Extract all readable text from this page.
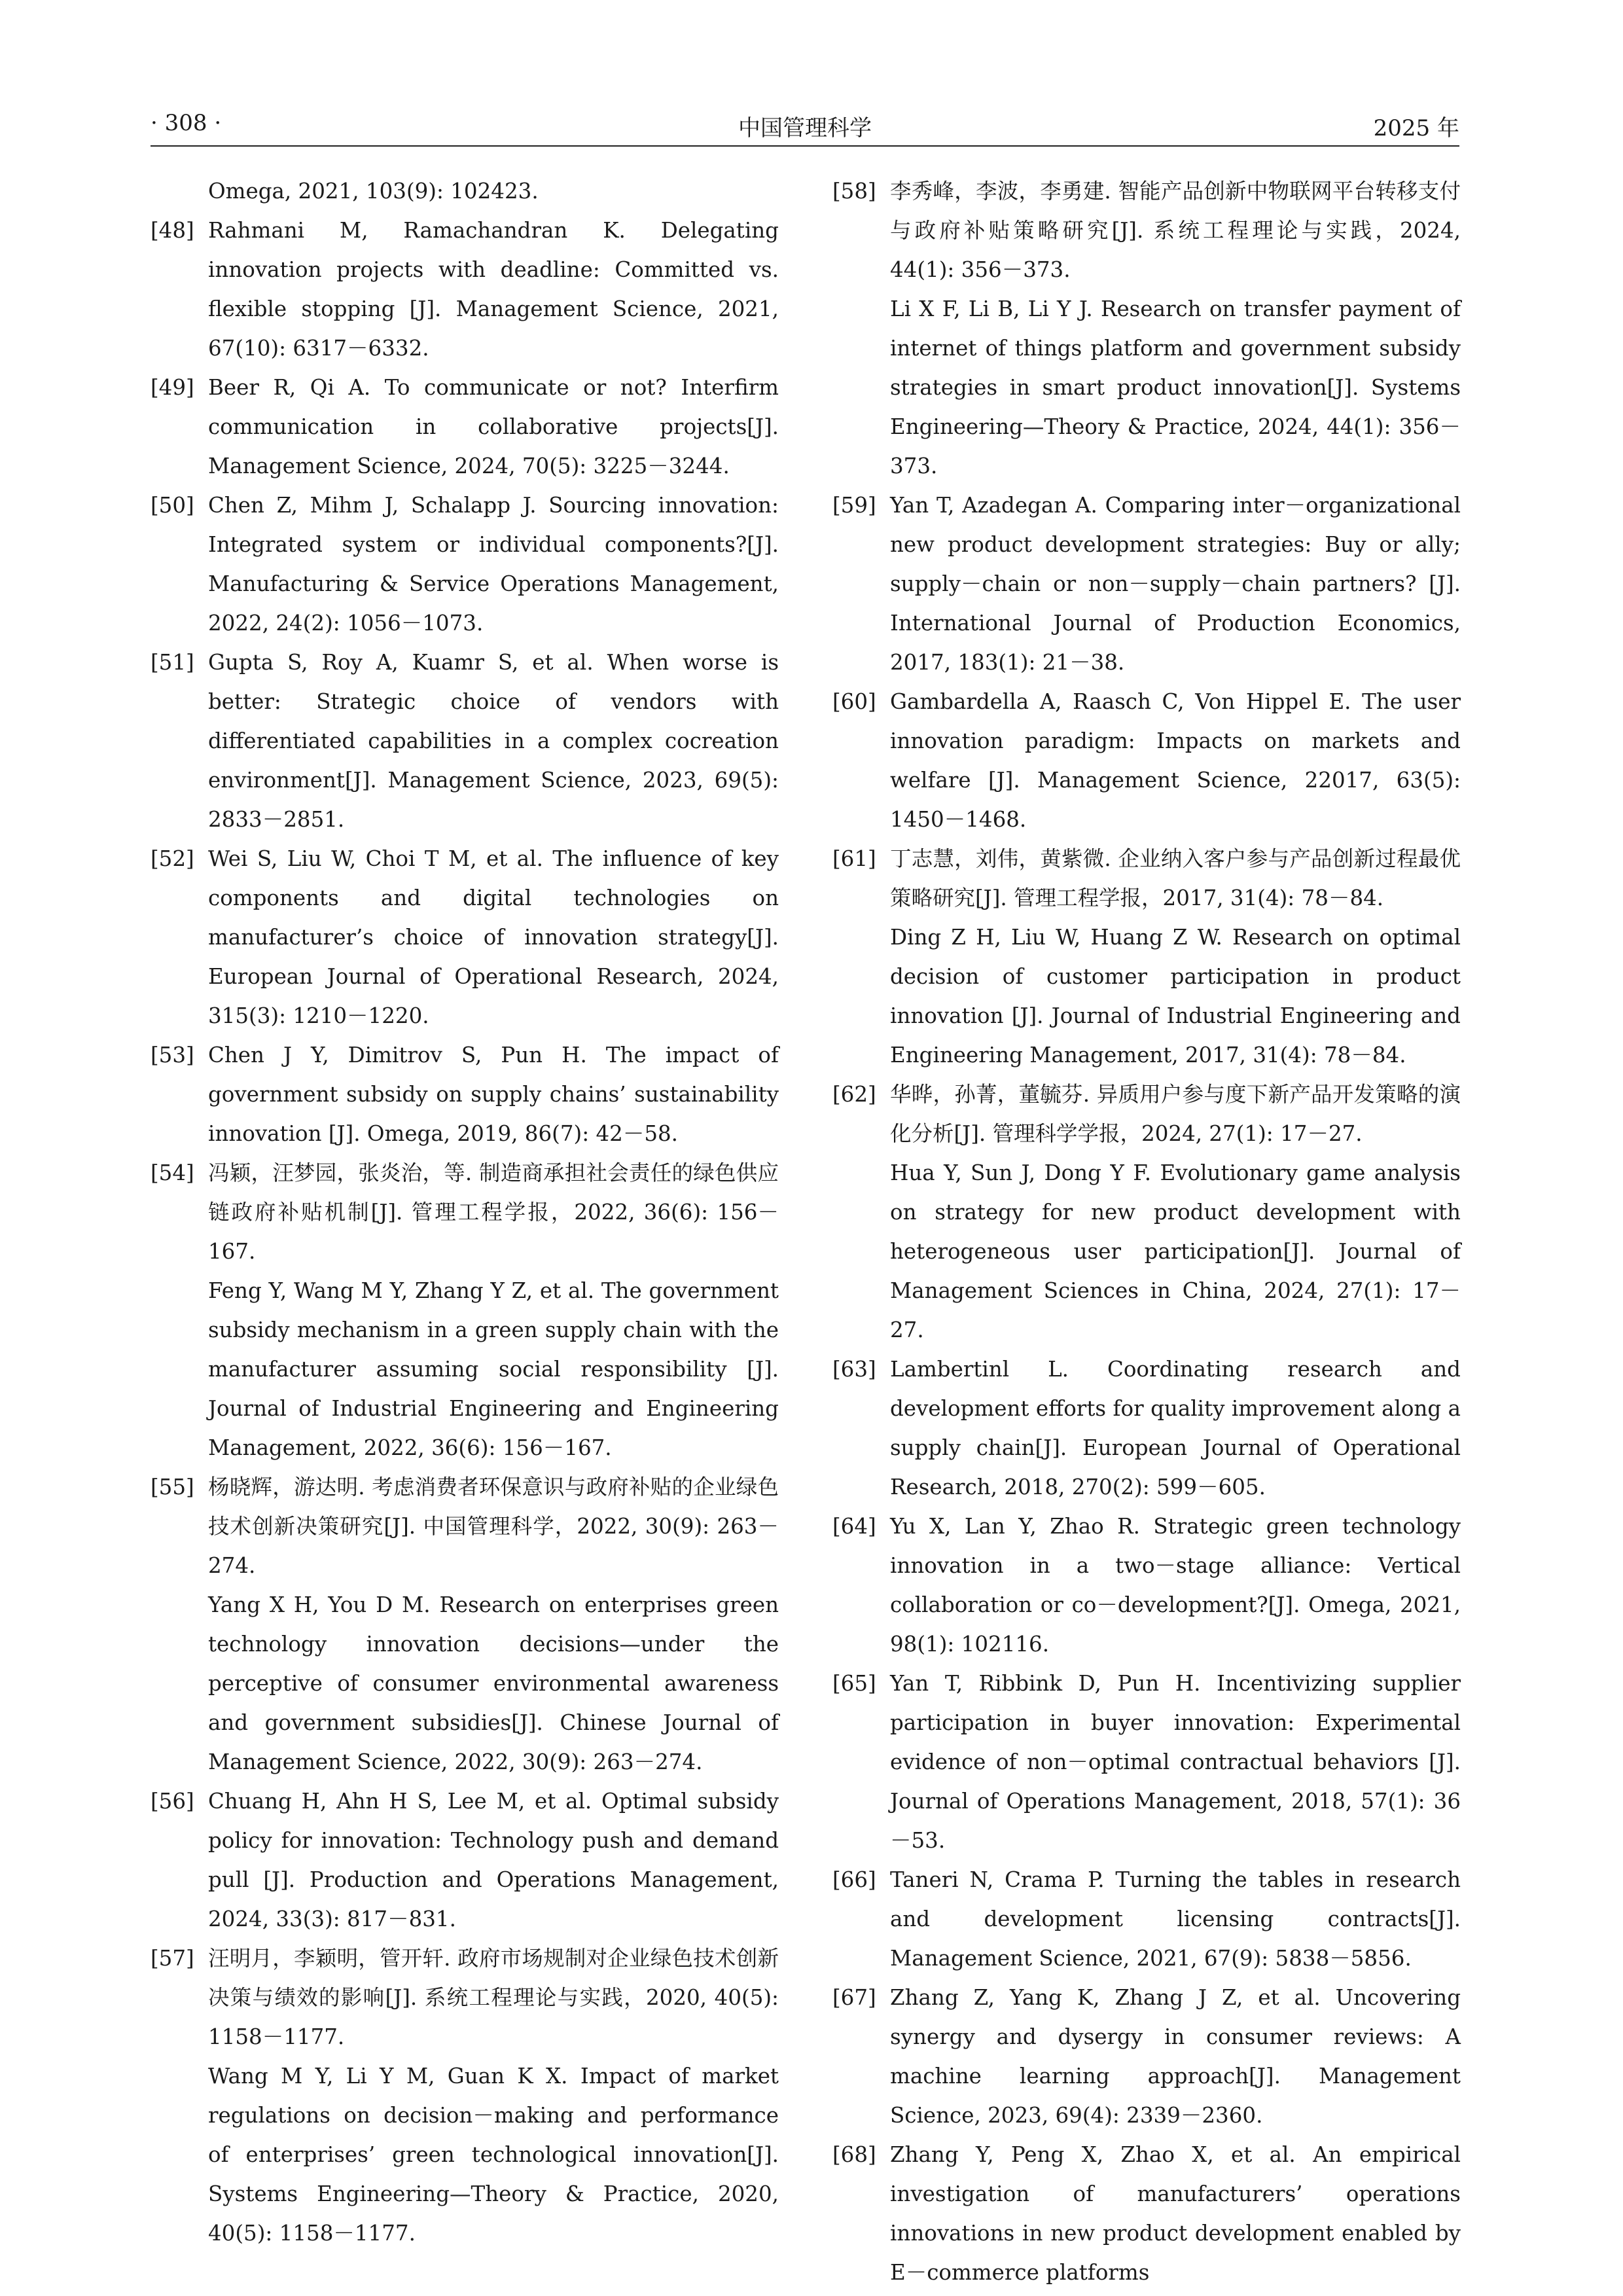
· 308 ·	中国管理科学	2025 年
Omega, 2021, 103(9): 102423.
[48] Rahmani M, Ramachandran K. Delegating innovation projects with deadline: Committed vs. flexible stopping [J]. Management Science, 2021, 67(10): 6317－6332.
[49] Beer R, Qi A. To communicate or not? Interfirm communication in collaborative projects[J]. Management Science, 2024, 70(5): 3225－3244.
[50] Chen Z, Mihm J, Schalapp J. Sourcing innovation: Integrated system or individual components?[J]. Manufacturing & Service Operations Management, 2022, 24(2): 1056－1073.
[51] Gupta S, Roy A, Kuamr S, et al. When worse is better: Strategic choice of vendors with differentiated capabilities in a complex cocreation environment[J]. Management Science, 2023, 69(5): 2833－2851.
[52] Wei S, Liu W, Choi T M, et al. The influence of key components and digital technologies on manufacturer’s choice of innovation strategy[J]. European Journal of Operational Research, 2024, 315(3): 1210－1220.
[53] Chen J Y, Dimitrov S, Pun H. The impact of government subsidy on supply chains’ sustainability innovation [J]. Omega, 2019, 86(7): 42－58.
[54] 冯颖，汪梦园，张炎治，等. 制造商承担社会责任的绿色供应链政府补贴机制[J]. 管理工程学报，2022, 36(6): 156－167.
Feng Y, Wang M Y, Zhang Y Z, et al. The government subsidy mechanism in a green supply chain with the manufacturer assuming social responsibility [J]. Journal of Industrial Engineering and Engineering Management, 2022, 36(6): 156－167.
[55] 杨晓辉，游达明. 考虑消费者环保意识与政府补贴的企业绿色技术创新决策研究[J]. 中国管理科学，2022, 30(9): 263－274.
Yang X H, You D M. Research on enterprises green technology innovation decisions—under the perceptive of consumer environmental awareness and government subsidies[J]. Chinese Journal of Management Science, 2022, 30(9): 263－274.
[56] Chuang H, Ahn H S, Lee M, et al. Optimal subsidy policy for innovation: Technology push and demand pull [J]. Production and Operations Management, 2024, 33(3): 817－831.
[57] 汪明月，李颖明，管开轩. 政府市场规制对企业绿色技术创新决策与绩效的影响[J]. 系统工程理论与实践，2020, 40(5): 1158－1177.
Wang M Y, Li Y M, Guan K X. Impact of market regulations on decision－making and performance of enterprises’ green technological innovation[J]. Systems Engineering—Theory & Practice, 2020, 40(5): 1158－1177.
[58] 李秀峰，李波，李勇建. 智能产品创新中物联网平台转移支付与政府补贴策略研究[J]. 系统工程理论与实践，2024, 44(1): 356－373.
Li X F, Li B, Li Y J. Research on transfer payment of internet of things platform and government subsidy strategies in smart product innovation[J]. Systems Engineering—Theory & Practice, 2024, 44(1): 356－373.
[59] Yan T, Azadegan A. Comparing inter－organizational new product development strategies: Buy or ally; supply－chain or non－supply－chain partners? [J]. International Journal of Production Economics, 2017, 183(1): 21－38.
[60] Gambardella A, Raasch C, Von Hippel E. The user innovation paradigm: Impacts on markets and welfare [J]. Management Science, 22017, 63(5): 1450－1468.
[61] 丁志慧，刘伟，黄紫微. 企业纳入客户参与产品创新过程最优策略研究[J]. 管理工程学报，2017, 31(4): 78－84.
Ding Z H, Liu W, Huang Z W. Research on optimal decision of customer participation in product innovation [J]. Journal of Industrial Engineering and Engineering Management, 2017, 31(4): 78－84.
[62] 华晔，孙菁，董毓芬. 异质用户参与度下新产品开发策略的演化分析[J]. 管理科学学报，2024, 27(1): 17－27.
Hua Y, Sun J, Dong Y F. Evolutionary game analysis on strategy for new product development with heterogeneous user participation[J]. Journal of Management Sciences in China, 2024, 27(1): 17－27.
[63] Lambertinl L. Coordinating research and development efforts for quality improvement along a supply chain[J]. European Journal of Operational Research, 2018, 270(2): 599－605.
[64] Yu X, Lan Y, Zhao R. Strategic green technology innovation in a two－stage alliance: Vertical collaboration or co－development?[J]. Omega, 2021, 98(1): 102116.
[65] Yan T, Ribbink D, Pun H. Incentivizing supplier participation in buyer innovation: Experimental evidence of non－optimal contractual behaviors [J]. Journal of Operations Management, 2018, 57(1): 36－53.
[66] Taneri N, Crama P. Turning the tables in research and development licensing contracts[J]. Management Science, 2021, 67(9): 5838－5856.
[67] Zhang Z, Yang K, Zhang J Z, et al. Uncovering synergy and dysergy in consumer reviews: A machine learning approach[J]. Management Science, 2023, 69(4): 2339－2360.
[68] Zhang Y, Peng X, Zhao X, et al. An empirical investigation of manufacturers’ operations innovations in new product development enabled by E－commerce platforms
